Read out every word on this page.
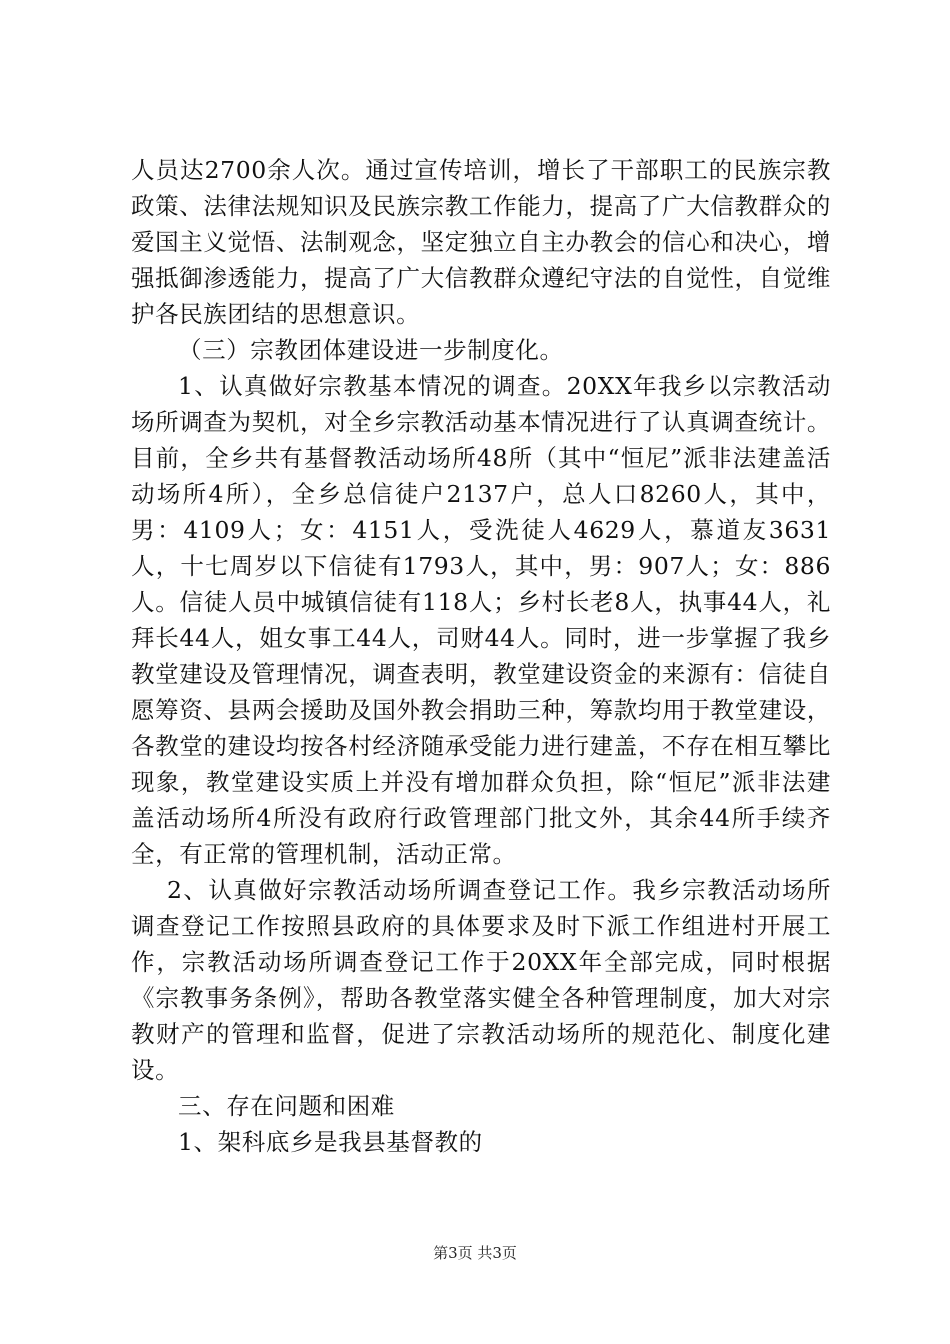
人员达2700余人次。通过宣传培训，增长了干部职工的民族宗教政策、法律法规知识及民族宗教工作能力，提高了广大信教群众的爱国主义觉悟、法制观念，坚定独立自主办教会的信心和决心，增强抵御渗透能力，提高了广大信教群众遵纪守法的自觉性，自觉维护各民族团结的思想意识。

（三）宗教团体建设进一步制度化。

1、认真做好宗教基本情况的调查。20XX年我乡以宗教活动场所调查为契机，对全乡宗教活动基本情况进行了认真调查统计。目前，全乡共有基督教活动场所48所（其中“恒尼”派非法建盖活动场所4所），全乡总信徒户2137户，总人口8260人，其中，男：4109人；女：4151人，受洗徒人4629人，慕道友3631人，十七周岁以下信徒有1793人，其中，男：907人；女：886人。信徒人员中城镇信徒有118人；乡村长老8人，执事44人，礼拜长44人，姐女事工44人，司财44人。同时，进一步掌握了我乡教堂建设及管理情况，调查表明，教堂建设资金的来源有：信徒自愿筹资、县两会援助及国外教会捐助三种，筹款均用于教堂建设，各教堂的建设均按各村经济随承受能力进行建盖，不存在相互攀比现象，教堂建设实质上并没有增加群众负担，除“恒尼”派非法建盖活动场所4所没有政府行政管理部门批文外，其余44所手续齐全，有正常的管理机制，活动正常。

2、认真做好宗教活动场所调查登记工作。我乡宗教活动场所调查登记工作按照县政府的具体要求及时下派工作组进村开展工作，宗教活动场所调查登记工作于20XX年全部完成，同时根据《宗教事务条例》，帮助各教堂落实健全各种管理制度，加大对宗教财产的管理和监督，促进了宗教活动场所的规范化、制度化建设。

三、存在问题和困难

1、架科底乡是我县基督教的

第3页 共3页
